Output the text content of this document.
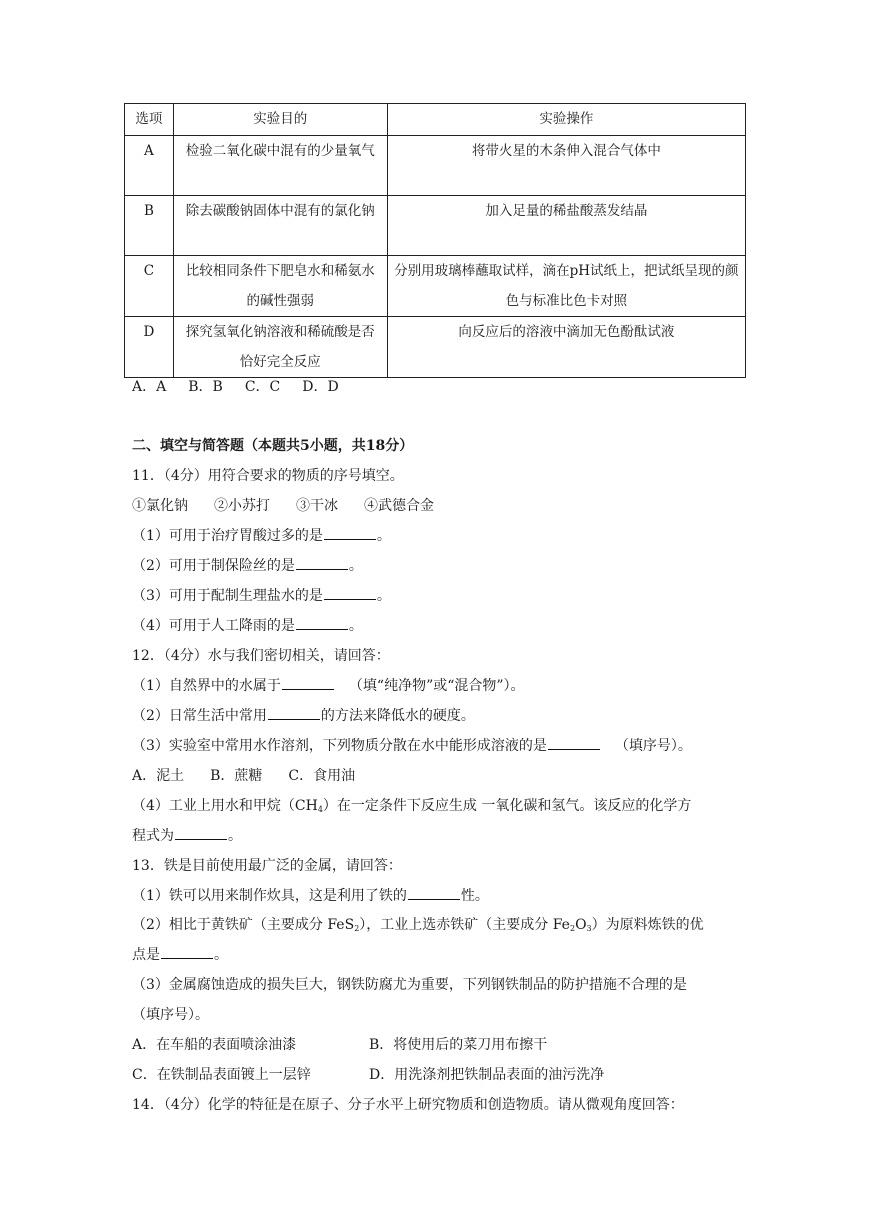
选项	实验目的	实验操作
A	检验二氧化碳中混有的少量氧气	将带火星的木条伸入混合气体中
B	除去碳酸钠固体中混有的氯化钠	加入足量的稀盐酸蒸发结晶
C	比较相同条件下肥皂水和稀氨水的碱性强弱	分别用玻璃棒蘸取试样，滴在pH试纸上，把试纸呈现的颜色与标准比色卡对照
D	探究氢氧化钠溶液和稀硫酸是否恰好完全反应	向反应后的溶液中滴加无色酚酞试液
A．A B．B C．C D．D
二、填空与简答题（本题共5小题，共18分）
11．（4分）用符合要求的物质的序号填空。
①氯化钠 ②小苏打 ③干冰 ④武德合金
（1）可用于治疗胃酸过多的是	。
（2）可用于制保险丝的是	。
（3）可用于配制生理盐水的是	。
（4）可用于人工降雨的是	。
12．（4分）水与我们密切相关，请回答：
（1）自然界中的水属于	（填“纯净物”或“混合物”）。
（2）日常生活中常用	的方法来降低水的硬度。
（3）实验室中常用水作溶剂，下列物质分散在水中能形成溶液的是	（填序号）。
A．泥土 B．蔗糖 C．食用油
（4）工业上用水和甲烷$(CH_4)$在一定条件下反应生成 一氧化碳和氢气。该反应的化学方
程式为	。
13．铁是目前使用最广泛的金属，请回答：
（1）铁可以用来制作炊具，这是利用了铁的	性。
（2）相比于黄铁矿（主要成分 FeS$_2$），工业上选赤铁矿（主要成分 $Fe_2O_3$）为原料炼铁的优
点是	。
（3）金属腐蚀造成的损失巨大，钢铁防腐尤为重要，下列钢铁制品的防护措施不合理的是
（填序号）。
A．在车船的表面喷涂油漆	B．将使用后的菜刀用布擦干
C．在铁制品表面镀上一层锌	D．用洗涤剂把铁制品表面的油污洗净
14．（4分）化学的特征是在原子、分子水平上研究物质和创造物质。请从微观角度回答：
